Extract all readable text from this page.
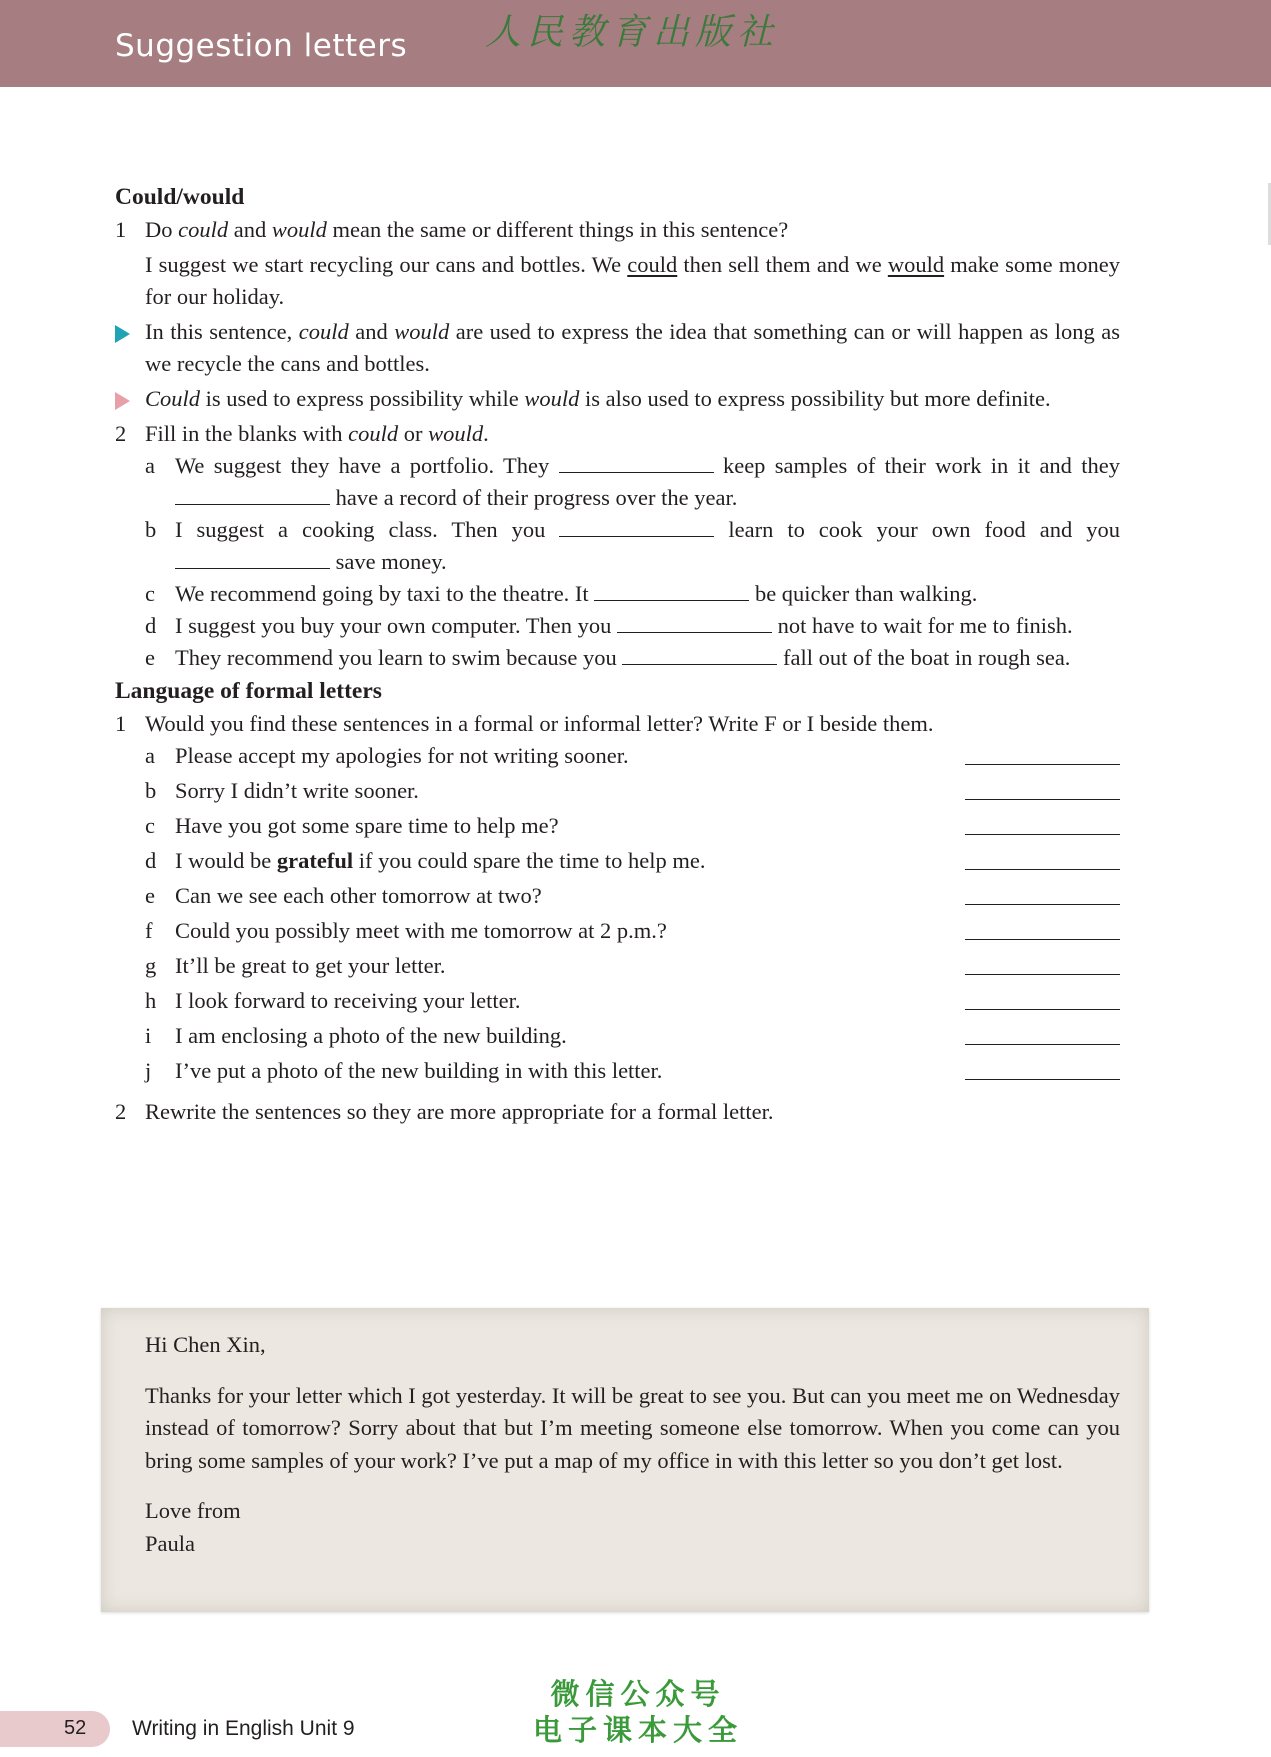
Suggestion letters 人民教育出版社

Could/would

1 Do could and would mean the same or different things in this sentence?

I suggest we start recycling our cans and bottles. We could then sell them and we would make some money for our holiday.

In this sentence, could and would are used to express the idea that something can or will happen as long as we recycle the cans and bottles.

Could is used to express possibility while would is also used to express possibility but more definite.

2 Fill in the blanks with could or would.

a We suggest they have a portfolio. They	keep samples of their work in it and they  have a record of their progress over the year.

b I suggest a cooking class. Then you	learn to cook your own food and you  save money.

c We recommend going by taxi to the theatre. It	be quicker than walking.

d I suggest you buy your own computer. Then you	not have to wait for me to finish.

e They recommend you learn to swim because you	fall out of the boat in rough sea.

Language of formal letters

1 Would you find these sentences in a formal or informal letter? Write F or I beside them.

a Please accept my apologies for not writing sooner.
b Sorry I didn’t write sooner.
c Have you got some spare time to help me?
d I would be grateful if you could spare the time to help me.
e Can we see each other tomorrow at two?
f Could you possibly meet with me tomorrow at 2 p.m.?
g It’ll be great to get your letter.
h I look forward to receiving your letter.
i I am enclosing a photo of the new building.
j I’ve put a photo of the new building in with this letter.

2 Rewrite the sentences so they are more appropriate for a formal letter.

Hi Chen Xin,

Thanks for your letter which I got yesterday. It will be great to see you. But can you meet me on Wednesday instead of tomorrow? Sorry about that but I’m meeting someone else tomorrow. When you come can you bring some samples of your work? I’ve put a map of my office in with this letter so you don’t get lost.

Love from

Paula

52 Writing in English Unit 9
微信公众号
电子课本大全
